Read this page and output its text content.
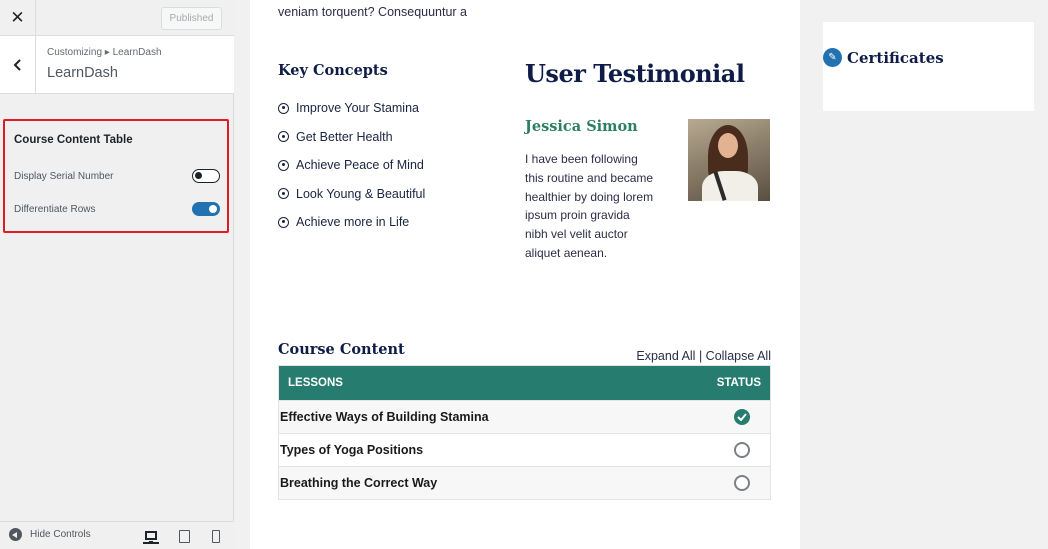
✕	Published
Customizing ▸ LearnDash
LearnDash
Course Content Table
Display Serial Number
Differentiate Rows
Hide Controls
veniam torquent? Consequuntur a
Key Concepts
Improve Your Stamina
Get Better Health
Achieve Peace of Mind
Look Young & Beautiful
Achieve more in Life
User Testimonial
Jessica Simon
I have been following this routine and became healthier by doing lorem ipsum proin gravida nibh vel velit auctor aliquet aenean.
Course Content	Expand All | Collapse All
LESSONS	STATUS
Effective Ways of Building Stamina
Types of Yoga Positions
Breathing the Correct Way
✎ Certificates
